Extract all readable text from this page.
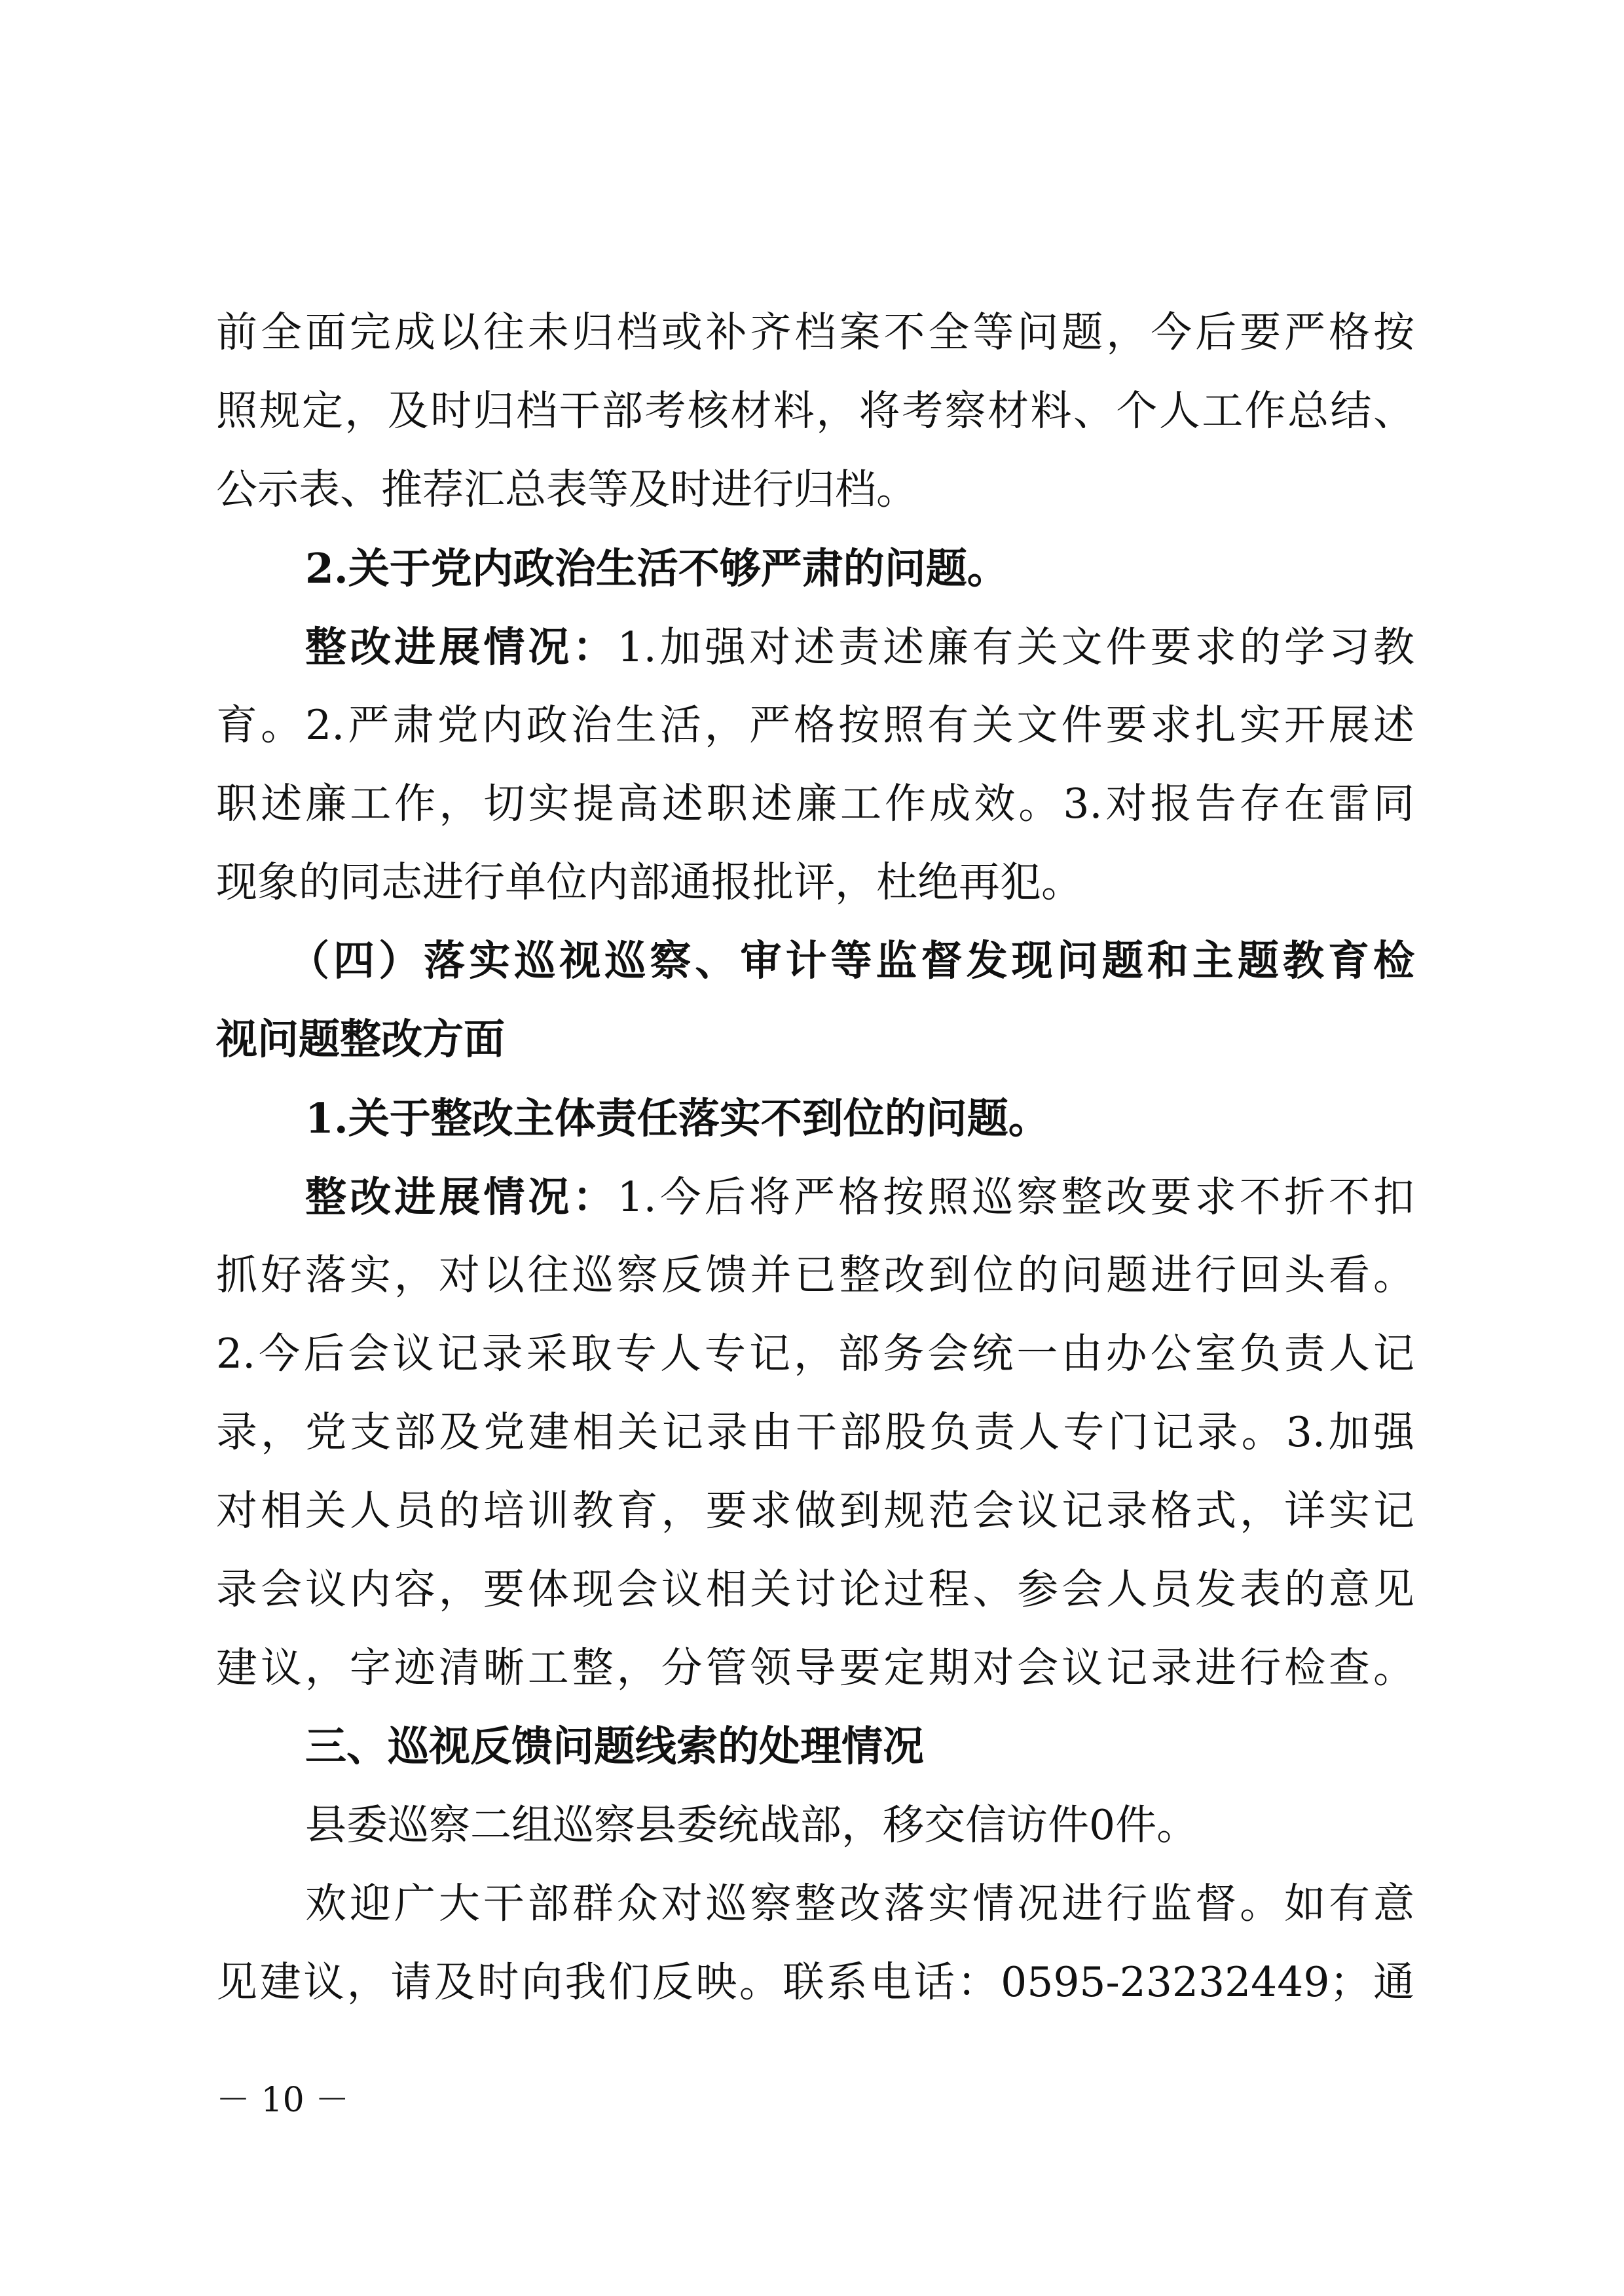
前全面完成以往未归档或补齐档案不全等问题，今后要严格按
照规定，及时归档干部考核材料，将考察材料、个人工作总结、
公示表、推荐汇总表等及时进行归档。
2.关于党内政治生活不够严肃的问题。
整改进展情况：1.加强对述责述廉有关文件要求的学习教
育。2.严肃党内政治生活，严格按照有关文件要求扎实开展述
职述廉工作，切实提高述职述廉工作成效。3.对报告存在雷同
现象的同志进行单位内部通报批评，杜绝再犯。
（四）落实巡视巡察、审计等监督发现问题和主题教育检
视问题整改方面
1.关于整改主体责任落实不到位的问题。
整改进展情况：1.今后将严格按照巡察整改要求不折不扣
抓好落实，对以往巡察反馈并已整改到位的问题进行回头看。
2.今后会议记录采取专人专记，部务会统一由办公室负责人记
录，党支部及党建相关记录由干部股负责人专门记录。3.加强
对相关人员的培训教育，要求做到规范会议记录格式，详实记
录会议内容，要体现会议相关讨论过程、参会人员发表的意见
建议，字迹清晰工整，分管领导要定期对会议记录进行检查。
三、巡视反馈问题线索的处理情况
县委巡察二组巡察县委统战部，移交信访件0件。
欢迎广大干部群众对巡察整改落实情况进行监督。如有意
见建议，请及时向我们反映。联系电话：0595-23232449；通
－ 10 －
